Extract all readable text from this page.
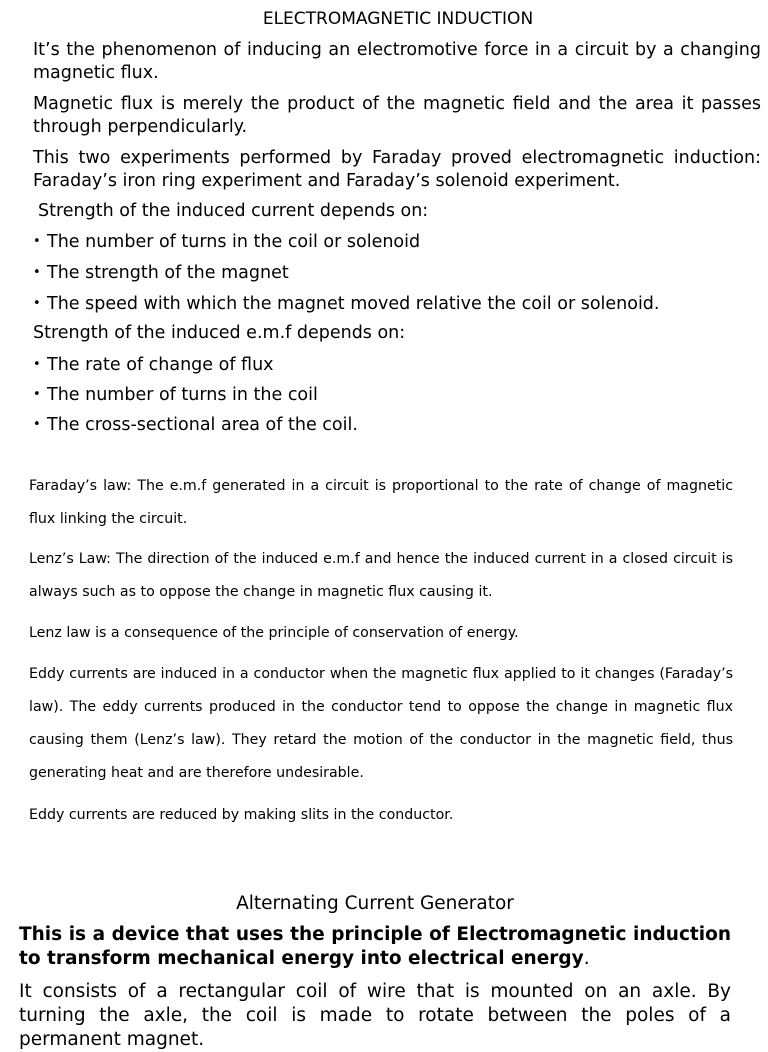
ELECTROMAGNETIC INDUCTION
It’s the phenomenon of inducing an electromotive force in a circuit by a changing magnetic flux.
Magnetic flux is merely the product of the magnetic field and the area it passes through perpendicularly.
This two experiments performed by Faraday proved electromagnetic induction: Faraday’s iron ring experiment and Faraday’s solenoid experiment.
Strength of the induced current depends on:
• The number of turns in the coil or solenoid
• The strength of the magnet
• The speed with which the magnet moved relative the coil or solenoid.
Strength of the induced e.m.f depends on:
• The rate of change of flux
• The number of turns in the coil
• The cross-sectional area of the coil.
Faraday’s law: The e.m.f generated in a circuit is proportional to the rate of change of magnetic flux linking the circuit.
Lenz’s Law: The direction of the induced e.m.f and hence the induced current in a closed circuit is always such as to oppose the change in magnetic flux causing it.
Lenz law is a consequence of the principle of conservation of energy.
Eddy currents are induced in a conductor when the magnetic flux applied to it changes (Faraday’s law). The eddy currents produced in the conductor tend to oppose the change in magnetic flux causing them (Lenz’s law). They retard the motion of the conductor in the magnetic field, thus generating heat and are therefore undesirable.
Eddy currents are reduced by making slits in the conductor.
Alternating Current Generator
This is a device that uses the principle of Electromagnetic induction to transform mechanical energy into electrical energy.
It consists of a rectangular coil of wire that is mounted on an axle. By turning the axle, the coil is made to rotate between the poles of a permanent magnet.
